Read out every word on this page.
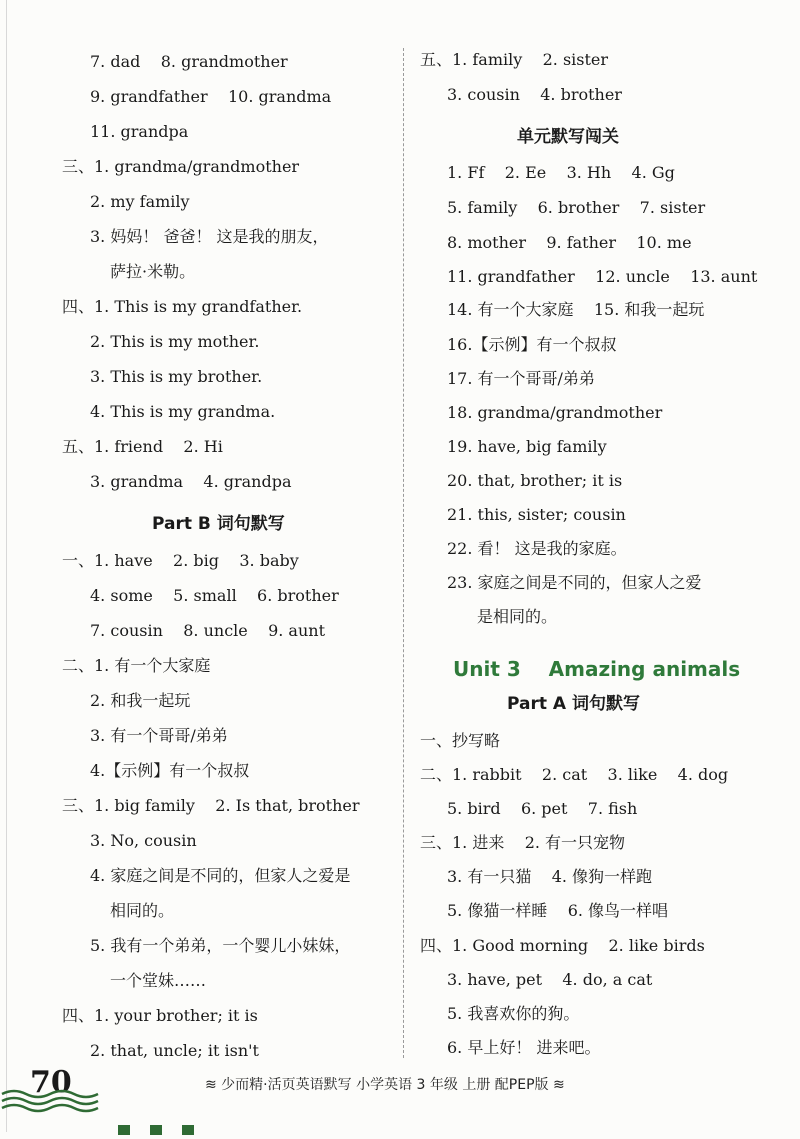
7. dad    8. grandmother
9. grandfather    10. grandma
11. grandpa
三、1. grandma/grandmother
2. my family
3. 妈妈！ 爸爸！ 这是我的朋友，
萨拉·米勒。
四、1. This is my grandfather.
2. This is my mother.
3. This is my brother.
4. This is my grandma.
五、1. friend    2. Hi
3. grandma    4. grandpa
Part B 词句默写
一、1. have    2. big    3. baby
4. some    5. small    6. brother
7. cousin    8. uncle    9. aunt
二、1. 有一个大家庭
2. 和我一起玩
3. 有一个哥哥/弟弟
4.【示例】有一个叔叔
三、1. big family    2. Is that, brother
3. No, cousin
4. 家庭之间是不同的，但家人之爱是
相同的。
5. 我有一个弟弟，一个婴儿小妹妹，
一个堂妹……
四、1. your brother; it is
2. that, uncle; it isn't
五、1. family    2. sister
3. cousin    4. brother
单元默写闯关
1. Ff    2. Ee    3. Hh    4. Gg
5. family    6. brother    7. sister
8. mother    9. father    10. me
11. grandfather    12. uncle    13. aunt
14. 有一个大家庭    15. 和我一起玩
16.【示例】有一个叔叔
17. 有一个哥哥/弟弟
18. grandma/grandmother
19. have, big family
20. that, brother; it is
21. this, sister; cousin
22. 看！ 这是我的家庭。
23. 家庭之间是不同的，但家人之爱
是相同的。
Unit 3    Amazing animals
Part A 词句默写
一、抄写略
二、1. rabbit    2. cat    3. like    4. dog
5. bird    6. pet    7. fish
三、1. 进来    2. 有一只宠物
3. 有一只猫    4. 像狗一样跑
5. 像猫一样睡    6. 像鸟一样唱
四、1. Good morning    2. like birds
3. have, pet    4. do, a cat
5. 我喜欢你的狗。
6. 早上好！ 进来吧。
70	≋ 少而精·活页英语默写 小学英语 3 年级 上册 配PEP版 ≋
